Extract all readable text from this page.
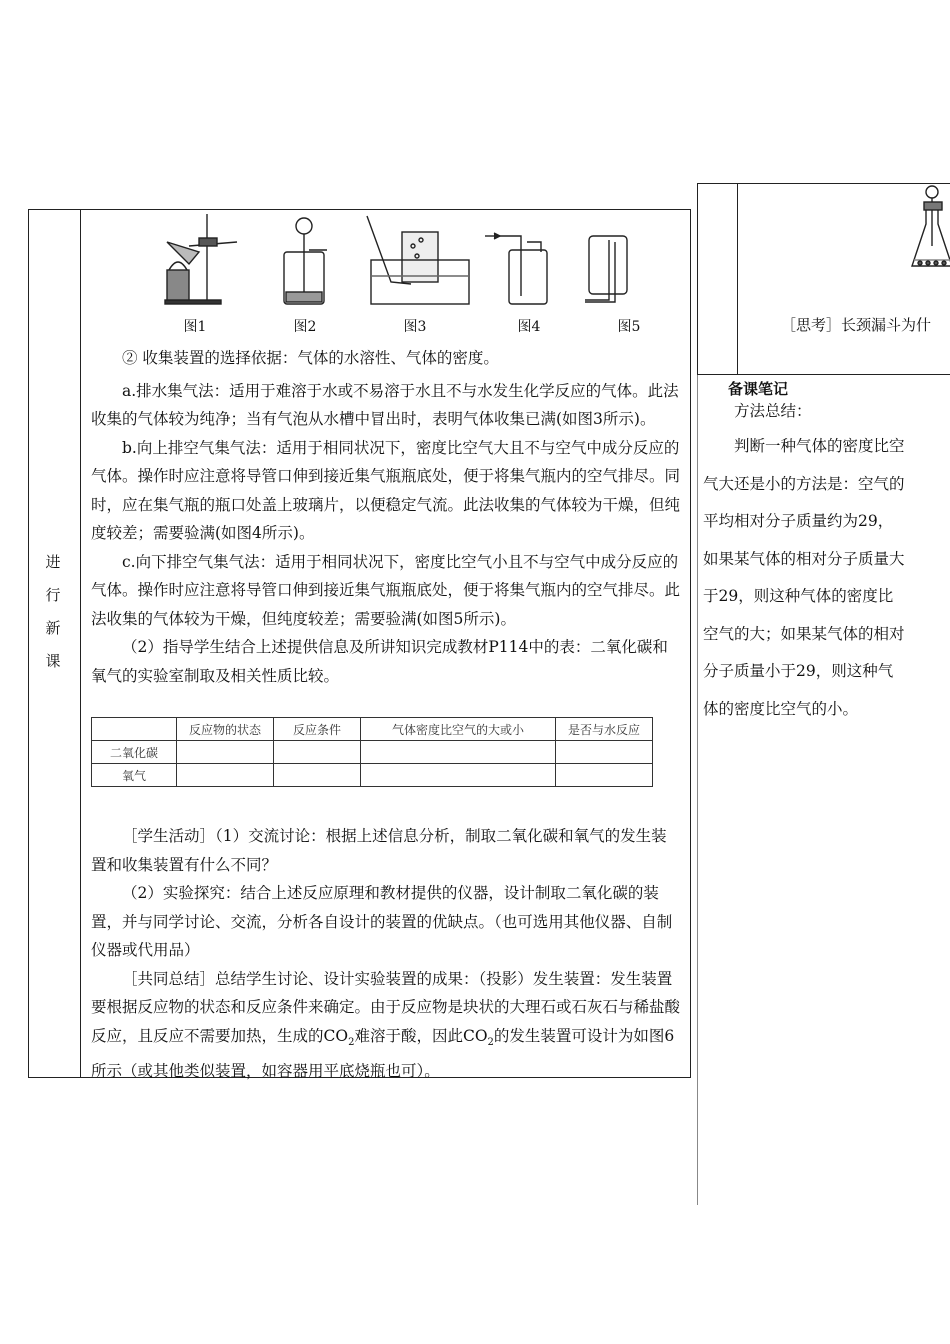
进行新课
图1	图2	图3	图4	图5

② 收集装置的选择依据：气体的水溶性、气体的密度。

a.排水集气法：适用于难溶于水或不易溶于水且不与水发生化学反应的气体。此法收集的气体较为纯净；当有气泡从水槽中冒出时，表明气体收集已满(如图3所示)。

b.向上排空气集气法：适用于相同状况下，密度比空气大且不与空气中成分反应的气体。操作时应注意将导管口伸到接近集气瓶瓶底处，便于将集气瓶内的空气排尽。同时，应在集气瓶的瓶口处盖上玻璃片，以便稳定气流。此法收集的气体较为干燥，但纯度较差；需要验满(如图4所示)。

c.向下排空气集气法：适用于相同状况下，密度比空气小且不与空气中成分反应的气体。操作时应注意将导管口伸到接近集气瓶瓶底处，便于将集气瓶内的空气排尽。此法收集的气体较为干燥，但纯度较差；需要验满(如图5所示)。

（2）指导学生结合上述提供信息及所讲知识完成教材P114中的表：二氧化碳和氧气的实验室制取及相关性质比较。

	反应物的状态	反应条件	气体密度比空气的大或小	是否与水反应
二氧化碳				
氧气				

［学生活动］（1）交流讨论：根据上述信息分析，制取二氧化碳和氧气的发生装置和收集装置有什么不同？

（2）实验探究：结合上述反应原理和教材提供的仪器，设计制取二氧化碳的装置，并与同学讨论、交流，分析各自设计的装置的优缺点。（也可选用其他仪器、自制仪器或代用品）

［共同总结］总结学生讨论、设计实验装置的成果：（投影）发生装置：发生装置要根据反应物的状态和反应条件来确定。由于反应物是块状的大理石或石灰石与稀盐酸反应，且反应不需要加热，生成的$CO_2$难溶于酸，因此$CO_2$的发生装置可设计为如图6所示（或其他类似装置，如容器用平底烧瓶也可）。

［思考］长颈漏斗为什
备课笔记

方法总结：

判断一种气体的密度比空气大还是小的方法是：空气的平均相对分子质量约为29，如果某气体的相对分子质量大于29，则这种气体的密度比空气的大；如果某气体的相对分子质量小于29，则这种气体的密度比空气的小。
